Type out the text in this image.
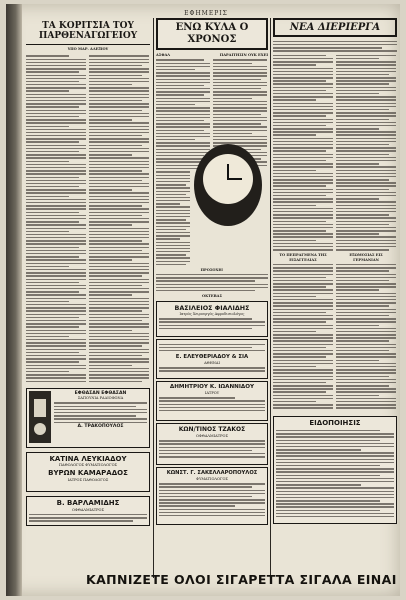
ΕΦΗΜΕΡΙΣ
ΤΑ ΚΟΡΙΤΣΙΑ ΤΟΥ ΠΑΡΘΕΝΑΓΩΓΕΙΟΥ
ΥΠΟ ΜΑΡ. ΑΛΕΞΙΟΥ
ΕΦΘΑΣΑΝ ΕΦΘΑΣΑΝ
ΣΑΠΟΥΝΙΑ ΡΑΔΙΟΦΩΝΑ
Α. ΤΡΑΚΟΠΟΥΛΟΣ
ΚΑΤΙΝΑ ΛΕΥΚΙΑΔΟΥ
ΠΑΘΟΛΟΓΟΣ ΦΥΜΑΤΙΟΛΟΓΟΣ
ΒΥΡΩΝ ΚΑΜΑΡΑΔΟΣ
ΙΑΤΡΟΣ ΠΑΘΟΛΟΓΟΣ
Β. ΒΑΡΛΑΜΙΔΗΣ
ΟΦΘΑΛΜΙΑΤΡΟΣ
ΕΝΩ ΚΥΛΑ Ο ΧΡΟΝΟΣ
ΑΣΦΑΛ	ΠΑΡΑΙΤΗΣΙΝ ΟΥΚ ΕΧΕΙ
ΠΡΟΣΟΧΗ!
ΟΚΤΕΒΑΣ
ΒΑΣΙΛΕΙΟΣ ΦΙΑΛΙΔΗΣ
Ιατρός Χειρουργός Αφροδισιολόγος
Ε. ΕΛΕΥΘΕΡΙΑΔΟΥ & ΣΙΑ
ΑΘΗΝΑΙ
ΔΗΜΗΤΡΙΟΥ Κ. ΙΩΑΝΝΙΔΟΥ
ΙΑΤΡΟΥ
ΚΩΝ/ΤΙΝΟΣ ΤΖΑΚΟΣ
ΟΦΘΑΛΜΙΑΤΡΟΣ
ΚΩΝΣΤ. Γ. ΣΑΚΕΛΛΑΡΟΠΟΥΛΟΣ
ΦΥΜΑΤΙΟΛΟΓΟΣ
ΝΕΑ ΔΙΕΡΙΕΡΓΑ
ΤΟ ΠΕΠΡΑΓΜΕΝΑ ΤΗΣ ΕΙΣΑΓΓΕΛΙΑΣ
ΕΞΩΜΟΣΙΑΣ ΕΙΣ ΓΕΡΜΑΝΙΑΝ
ΕΙΔΟΠΟΙΗΣΙΣ
ΚΑΠΝΙΖΕΤΕ ΟΛΟΙ ΣΙΓΑΡΕΤΤΑ ΣΙΓΑΛΑ ΕΙΝΑΙ
